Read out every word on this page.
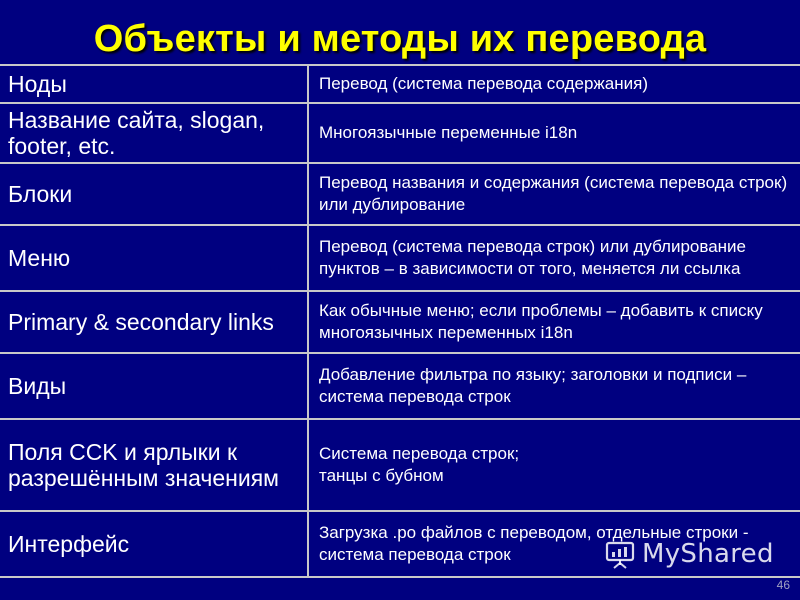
Объекты и методы их перевода
Ноды	Перевод (система перевода содержания)
Название сайта, slogan, footer, etc.	Многоязычные переменные i18n
Блоки	Перевод названия и содержания (система перевода строк) или дублирование
Меню	Перевод (система перевода строк) или дублирование пунктов – в зависимости от того, меняется ли ссылка
Primary & secondary links	Как обычные меню; если проблемы – добавить к списку многоязычных переменных i18n
Виды	Добавление фильтра по языку; заголовки и подписи – система перевода строк
Поля CCK и ярлыки к разрешённым значениям	Система перевода строк;
танцы с бубном
Интерфейс	Загрузка .po файлов с переводом, отдельные строки - система перевода строк	MyShared
46
